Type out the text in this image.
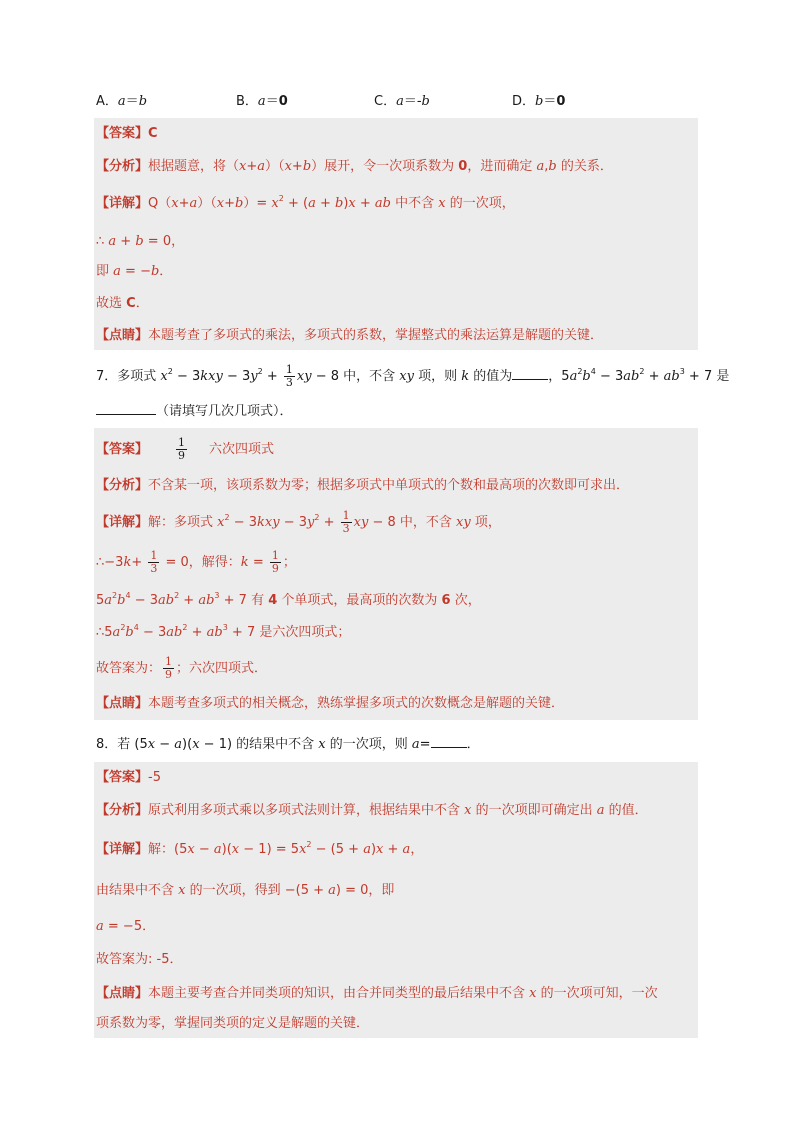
A．a＝b	B．a＝0	C．a＝-b	D．b＝0
【答案】C
【分析】根据题意，将（x+a）（x+b）展开，令一次项系数为 0，进而确定 a,b 的关系．
【详解】$Q(x+a)(x+b)= x^2 + (a + b)x$ + ab 中不含 x 的一次项，
∴ a + b = 0，
即 a = −b．
故选 C．
【点睛】本题考查了多项式的乘法，多项式的系数，掌握整式的乘法运算是解题的关键．
7．多项式 $x^2 - 3kxy - 3y^2 + \frac{1}{3}$ xy − 8 中，不含 xy 项，则 k 的值为	，$5a^2b^4 - 3ab^2 + ab^3 + 7$ 是
（请填写几次几项式）．
【答案】	$\frac{1}{9}$ 六次四项式
【分析】不含某一项，该项系数为零；根据多项式中单项式的个数和最高项的次数即可求出．
【详解】解：多项式 $x^2 - 3kxy - 3y^2 + \frac{1}{3}$ xy − 8 中，不含 xy 项，
∴−3k+ $\frac{1}{3} = 0$，解得：$k = \frac{1}{9}$ ；
$5a^2b^4 - 3ab^2 + ab^3 + 7$ 有 4 个单项式，最高项的次数为 6 次，
$\therefore 5a^2b^4 - 3ab^2 + ab^3 + 7$ 是六次四项式；
故答案为： $\frac{1}{9}$ ；六次四项式．
【点睛】本题考查多项式的相关概念，熟练掌握多项式的次数概念是解题的关键．
8．若 (5x − a)(x − 1) 的结果中不含 x 的一次项，则 a=	．
【答案】-5
【分析】原式利用多项式乘以多项式法则计算，根据结果中不含 x 的一次项即可确定出 a 的值．
【详解】解：$(5x - a)(x - 1) = 5x^2 - (5 + a)x + a$，
由结果中不含 x 的一次项，得到 −(5 + a) = 0，即
a = −5．
故答案为: -5．
【点睛】本题主要考查合并同类项的知识，由合并同类型的最后结果中不含 x 的一次项可知，一次
项系数为零，掌握同类项的定义是解题的关键．
